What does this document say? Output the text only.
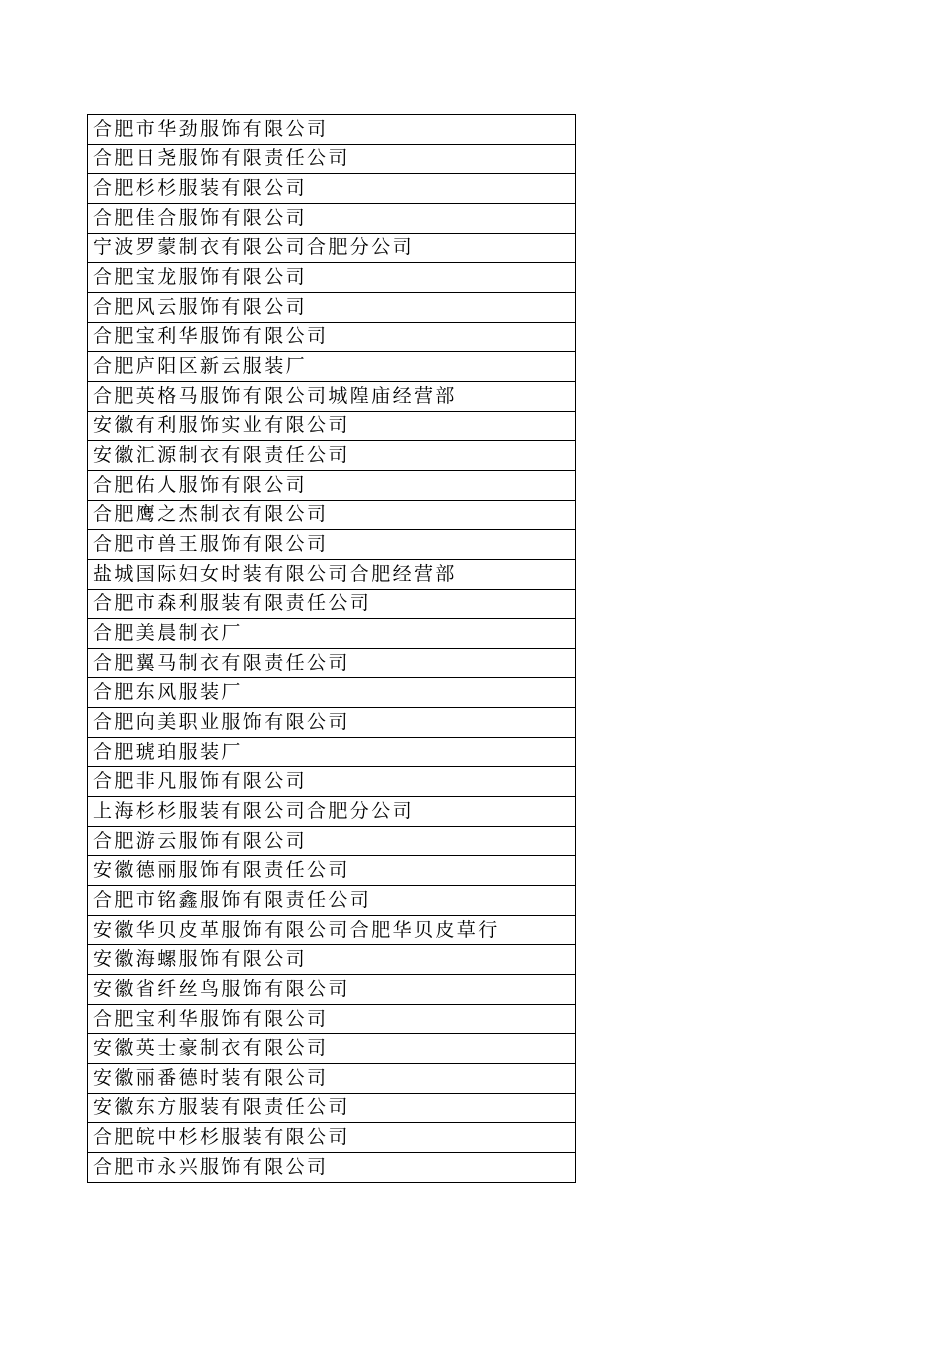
合肥市华劲服饰有限公司
合肥日尧服饰有限责任公司
合肥杉杉服装有限公司
合肥佳合服饰有限公司
宁波罗蒙制衣有限公司合肥分公司
合肥宝龙服饰有限公司
合肥风云服饰有限公司
合肥宝利华服饰有限公司
合肥庐阳区新云服装厂
合肥英格马服饰有限公司城隍庙经营部
安徽有利服饰实业有限公司
安徽汇源制衣有限责任公司
合肥佑人服饰有限公司
合肥鹰之杰制衣有限公司
合肥市兽王服饰有限公司
盐城国际妇女时装有限公司合肥经营部
合肥市森利服装有限责任公司
合肥美晨制衣厂
合肥翼马制衣有限责任公司
合肥东风服装厂
合肥向美职业服饰有限公司
合肥琥珀服装厂
合肥非凡服饰有限公司
上海杉杉服装有限公司合肥分公司
合肥游云服饰有限公司
安徽德丽服饰有限责任公司
合肥市铭鑫服饰有限责任公司
安徽华贝皮革服饰有限公司合肥华贝皮草行
安徽海螺服饰有限公司
安徽省纤丝鸟服饰有限公司
合肥宝利华服饰有限公司
安徽英士豪制衣有限公司
安徽丽番德时装有限公司
安徽东方服装有限责任公司
合肥皖中杉杉服装有限公司
合肥市永兴服饰有限公司
